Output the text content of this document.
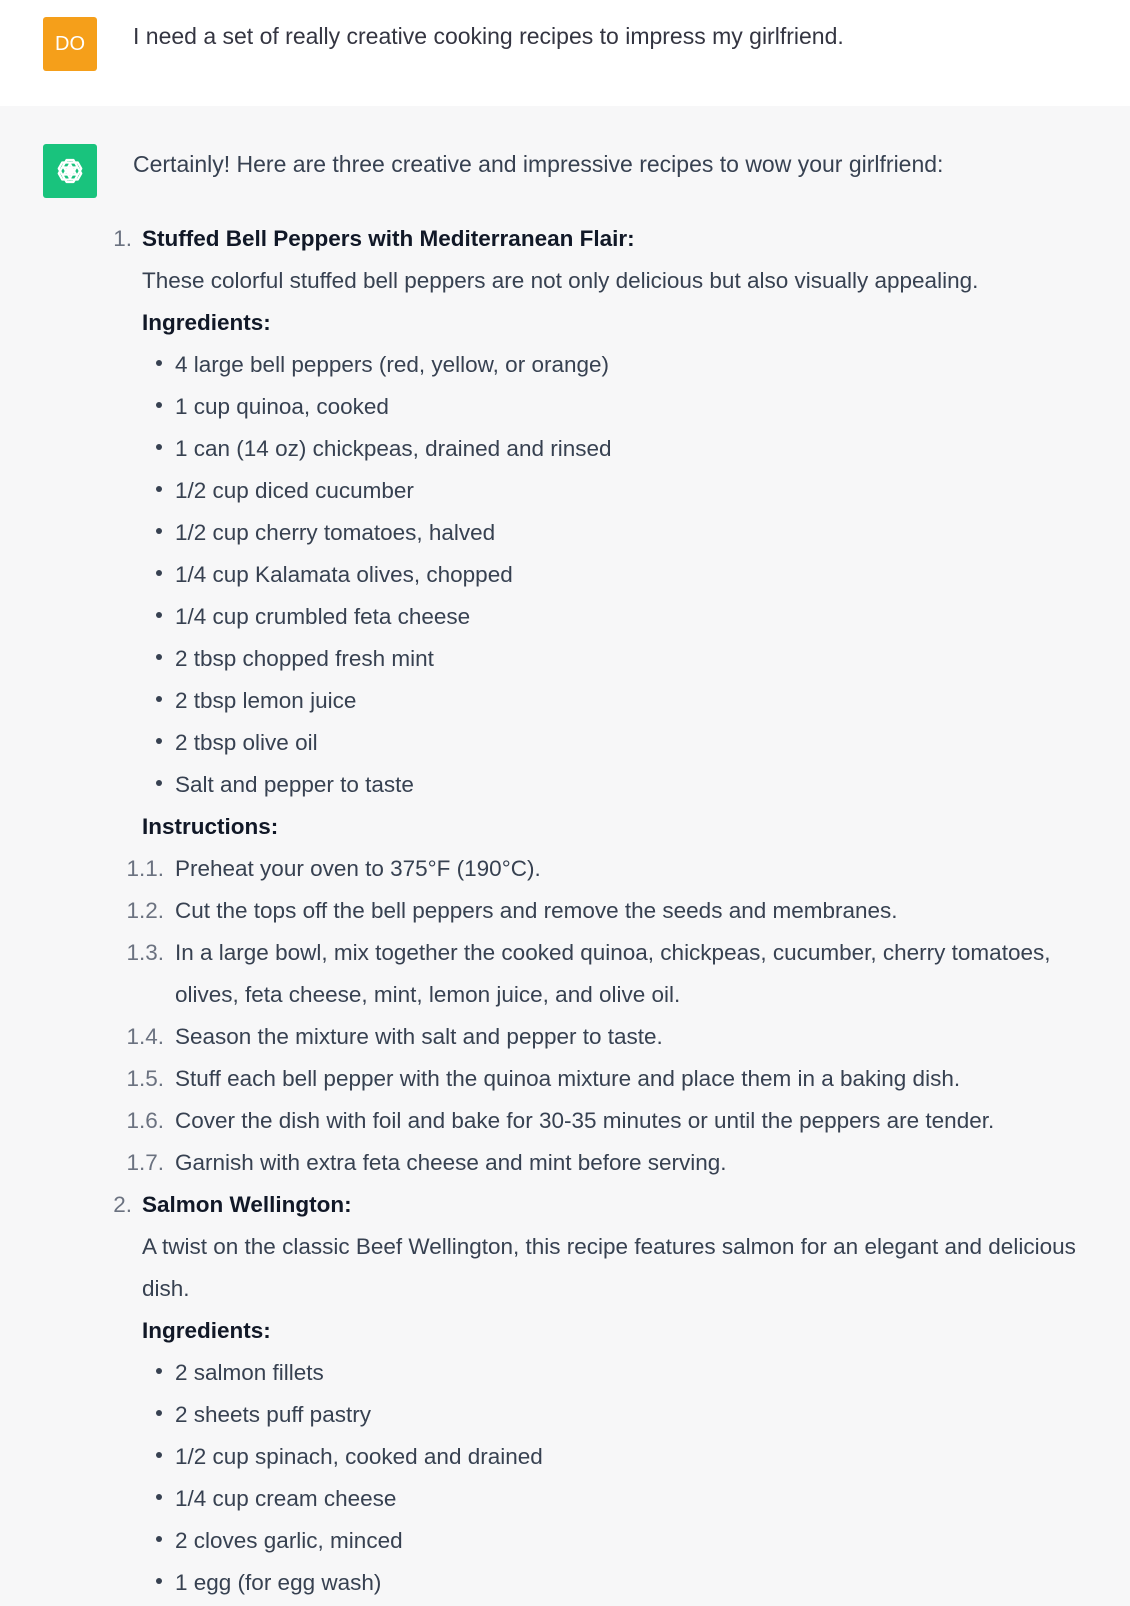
DO	I need a set of really creative cooking recipes to impress my girlfriend.
Certainly! Here are three creative and impressive recipes to wow your girlfriend:
1. Stuffed Bell Peppers with Mediterranean Flair:
These colorful stuffed bell peppers are not only delicious but also visually appealing.
Ingredients:
4 large bell peppers (red, yellow, or orange)
1 cup quinoa, cooked
1 can (14 oz) chickpeas, drained and rinsed
1/2 cup diced cucumber
1/2 cup cherry tomatoes, halved
1/4 cup Kalamata olives, chopped
1/4 cup crumbled feta cheese
2 tbsp chopped fresh mint
2 tbsp lemon juice
2 tbsp olive oil
Salt and pepper to taste
Instructions:
1.1. Preheat your oven to 375°F (190°C).
1.2. Cut the tops off the bell peppers and remove the seeds and membranes.
1.3. In a large bowl, mix together the cooked quinoa, chickpeas, cucumber, cherry tomatoes, olives, feta cheese, mint, lemon juice, and olive oil.
1.4. Season the mixture with salt and pepper to taste.
1.5. Stuff each bell pepper with the quinoa mixture and place them in a baking dish.
1.6. Cover the dish with foil and bake for 30-35 minutes or until the peppers are tender.
1.7. Garnish with extra feta cheese and mint before serving.
2. Salmon Wellington:
A twist on the classic Beef Wellington, this recipe features salmon for an elegant and delicious dish.
Ingredients:
2 salmon fillets
2 sheets puff pastry
1/2 cup spinach, cooked and drained
1/4 cup cream cheese
2 cloves garlic, minced
1 egg (for egg wash)
